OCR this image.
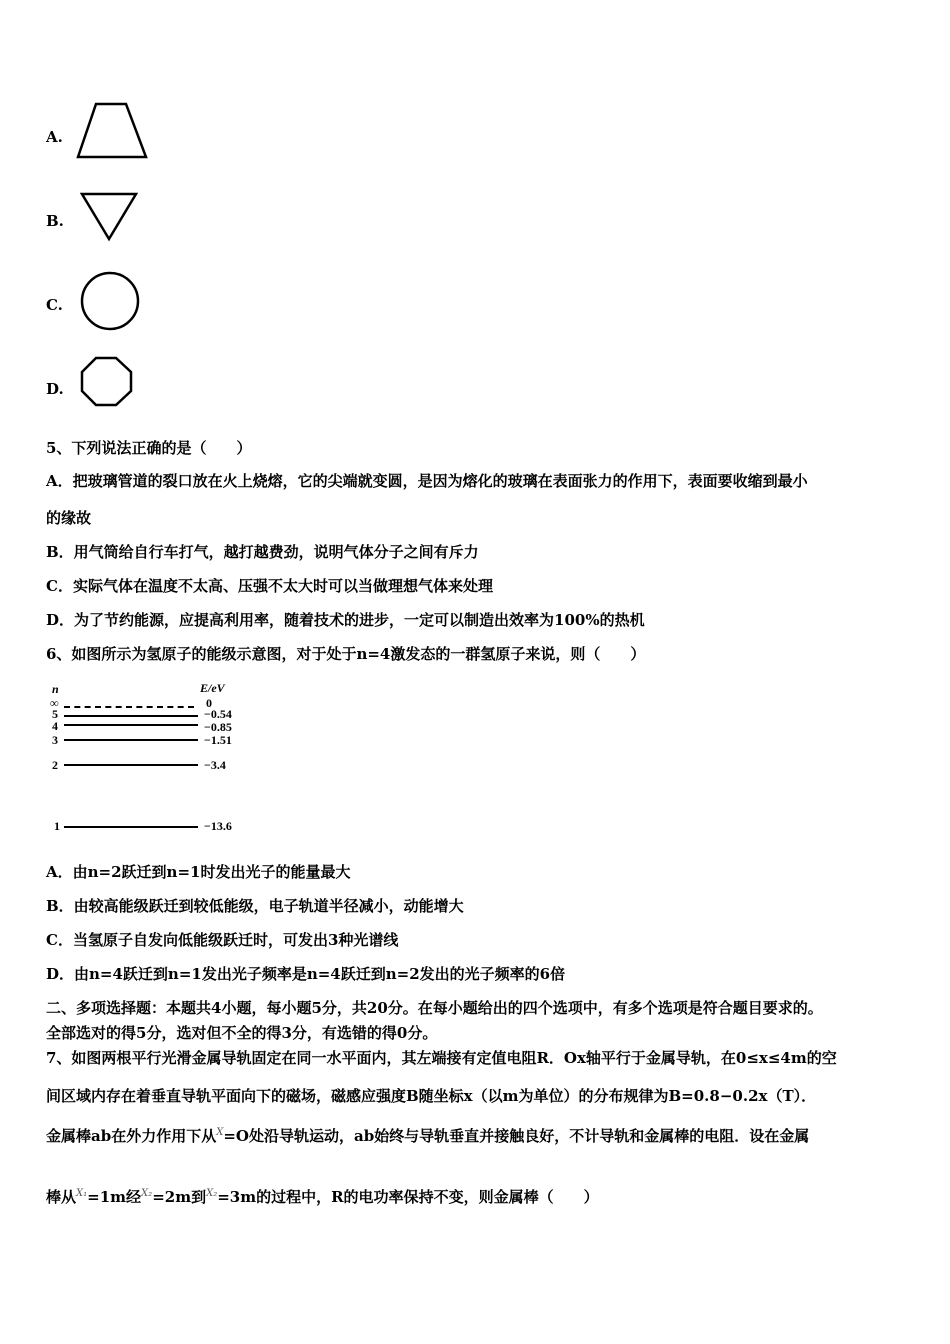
A.
B.
C.
D.
5、下列说法正确的是（　　）
A．把玻璃管道的裂口放在火上烧熔，它的尖端就变圆，是因为熔化的玻璃在表面张力的作用下，表面要收缩到最小
的缘故
B．用气筒给自行车打气，越打越费劲，说明气体分子之间有斥力
C．实际气体在温度不太高、压强不太大时可以当做理想气体来处理
D．为了节约能源，应提高利用率，随着技术的进步，一定可以制造出效率为100%的热机
6、如图所示为氢原子的能级示意图，对于处于n=4激发态的一群氢原子来说，则（　　）
n	E/eV
∞	0
5	−0.54
4	−0.85
3	−1.51
2	−3.4
1	−13.6
A．由n=2跃迁到n=1时发出光子的能量最大
B．由较高能级跃迁到较低能级，电子轨道半径减小，动能增大
C．当氢原子自发向低能级跃迁时，可发出3种光谱线
D．由n=4跃迁到n=1发出光子频率是n=4跃迁到n=2发出的光子频率的6倍
二、多项选择题：本题共4小题，每小题5分，共20分。在每小题给出的四个选项中，有多个选项是符合题目要求的。
全部选对的得5分，选对但不全的得3分，有选错的得0分。
7、如图两根平行光滑金属导轨固定在同一水平面内，其左端接有定值电阻R．Ox轴平行于金属导轨，在0≤x≤4m的空
间区域内存在着垂直导轨平面向下的磁场，磁感应强度B随坐标x（以m为单位）的分布规律为B=0.8−0.2x（T）．
金属棒ab在外力作用下从$^X$=O处沿导轨运动，ab始终与导轨垂直并接触良好，不计导轨和金属棒的电阻．设在金属
棒从$^{X_1}$=1m经$^{X_2}$=2m到$^{X_2}$=3m的过程中，R的电功率保持不变，则金属棒（　　）
